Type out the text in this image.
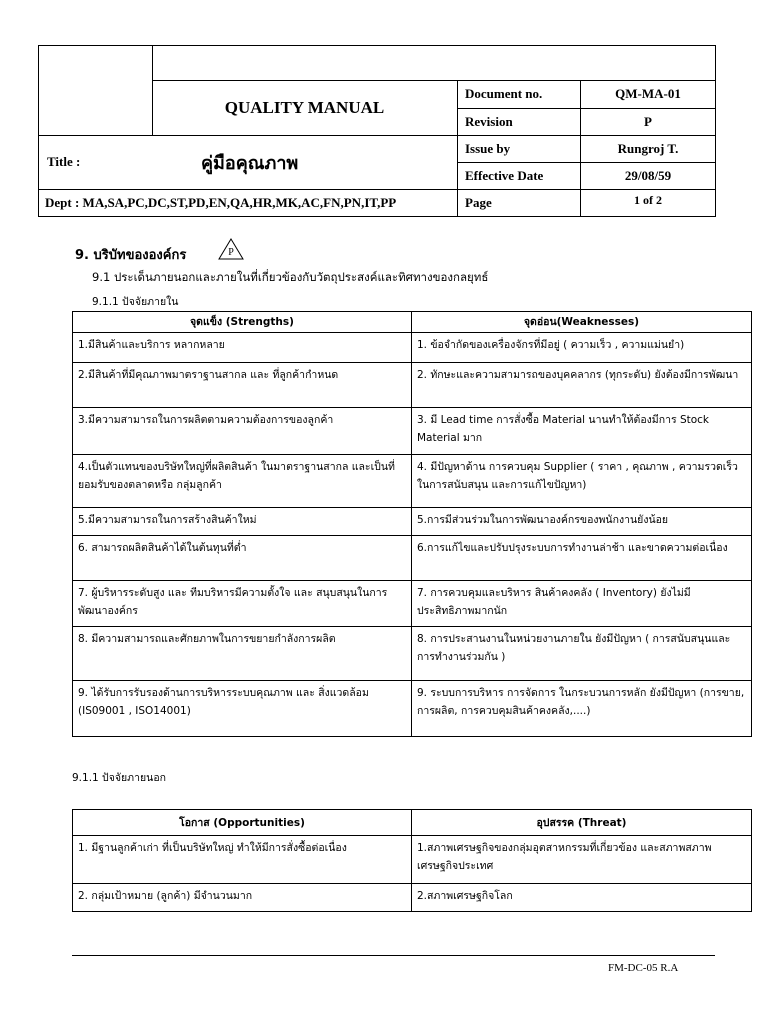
QUALITY MANUAL
Title :	คู่มือคุณภาพ
Dept : MA,SA,PC,DC,ST,PD,EN,QA,HR,MK,AC,FN,PN,IT,PP
Document no.	QM-MA-01
Revision	P
Issue by	Rungroj T.
Effective Date	29/08/59
Page	1 of 2
9. บริบัทขององค์กร	P
9.1 ประเด็นภายนอกและภายในที่เกี่ยวข้องกับวัตถุประสงค์และทิศทางของกลยุทธ์
9.1.1 ปัจจัยภายใน
จุดแข็ง (Strengths)	จุดอ่อน(Weaknesses)
1.มีสินค้าและบริการ หลากหลาย	1. ข้อจำกัดของเครื่องจักรที่มีอยู่ ( ความเร็ว , ความแม่นยำ)
2.มีสินค้าที่มีคุณภาพมาตราฐานสากล และ ที่ลูกค้ากำหนด	2. ทักษะและความสามารถของบุคคลากร (ทุกระดับ) ยังต้องมีการพัฒนา
3.มีความสามารถในการผลิตตามความต้องการของลูกค้า	3. มี Lead time การสั่งซื้อ Material นานทำให้ต้องมีการ Stock Material มาก
4.เป็นตัวแทนของบริษัทใหญ่ที่ผลิตสินค้า ในมาตราฐานสากล และเป็นที่ยอมรับของตลาดหรือ กลุ่มลูกค้า	4. มีปัญหาด้าน การควบคุม Supplier ( ราคา , คุณภาพ , ความรวดเร็วในการสนับสนุน และการแก้ไขปัญหา)
5.มีความสามารถในการสร้างสินค้าใหม่	5.การมีส่วนร่วมในการพัฒนาองค์กรของพนักงานยังน้อย
6. สามารถผลิตสินค้าได้ในต้นทุนที่ต่ำ	6.การแก้ไขและปรับปรุงระบบการทำงานล่าช้า และขาดความต่อเนื่อง
7. ผู้บริหารระดับสูง และ ทีมบริหารมีความตั้งใจ และ สนุบสนุนในการพัฒนาองค์กร	7. การควบคุมและบริหาร สินค้าคงคลัง ( Inventory) ยังไม่มีประสิทธิภาพมากนัก
8. มีความสามารถและศักยภาพในการขยายกำลังการผลิต	8. การประสานงานในหน่วยงานภายใน ยังมีปัญหา ( การสนับสนุนและการทำงานร่วมกัน )
9. ได้รับการรับรองด้านการบริหารระบบคุณภาพ และ สิ่งแวดล้อม (IS09001 , ISO14001)	9. ระบบการบริหาร การจัดการ ในกระบวนการหลัก ยังมีปัญหา (การขาย, การผลิต, การควบคุมสินค้าคงคลัง,....)
9.1.1 ปัจจัยภายนอก
โอกาส (Opportunities)	อุปสรรค (Threat)
1. มีฐานลูกค้าเก่า ที่เป็นบริษัทใหญ่ ทำให้มีการสั่งซื้อต่อเนื่อง	1.สภาพเศรษฐกิจของกลุ่มอุตสาหกรรมที่เกี่ยวข้อง และสภาพสภาพเศรษฐกิจประเทศ
2. กลุ่มเป้าหมาย (ลูกค้า) มีจำนวนมาก	2.สภาพเศรษฐกิจโลก
FM-DC-05 R.A
